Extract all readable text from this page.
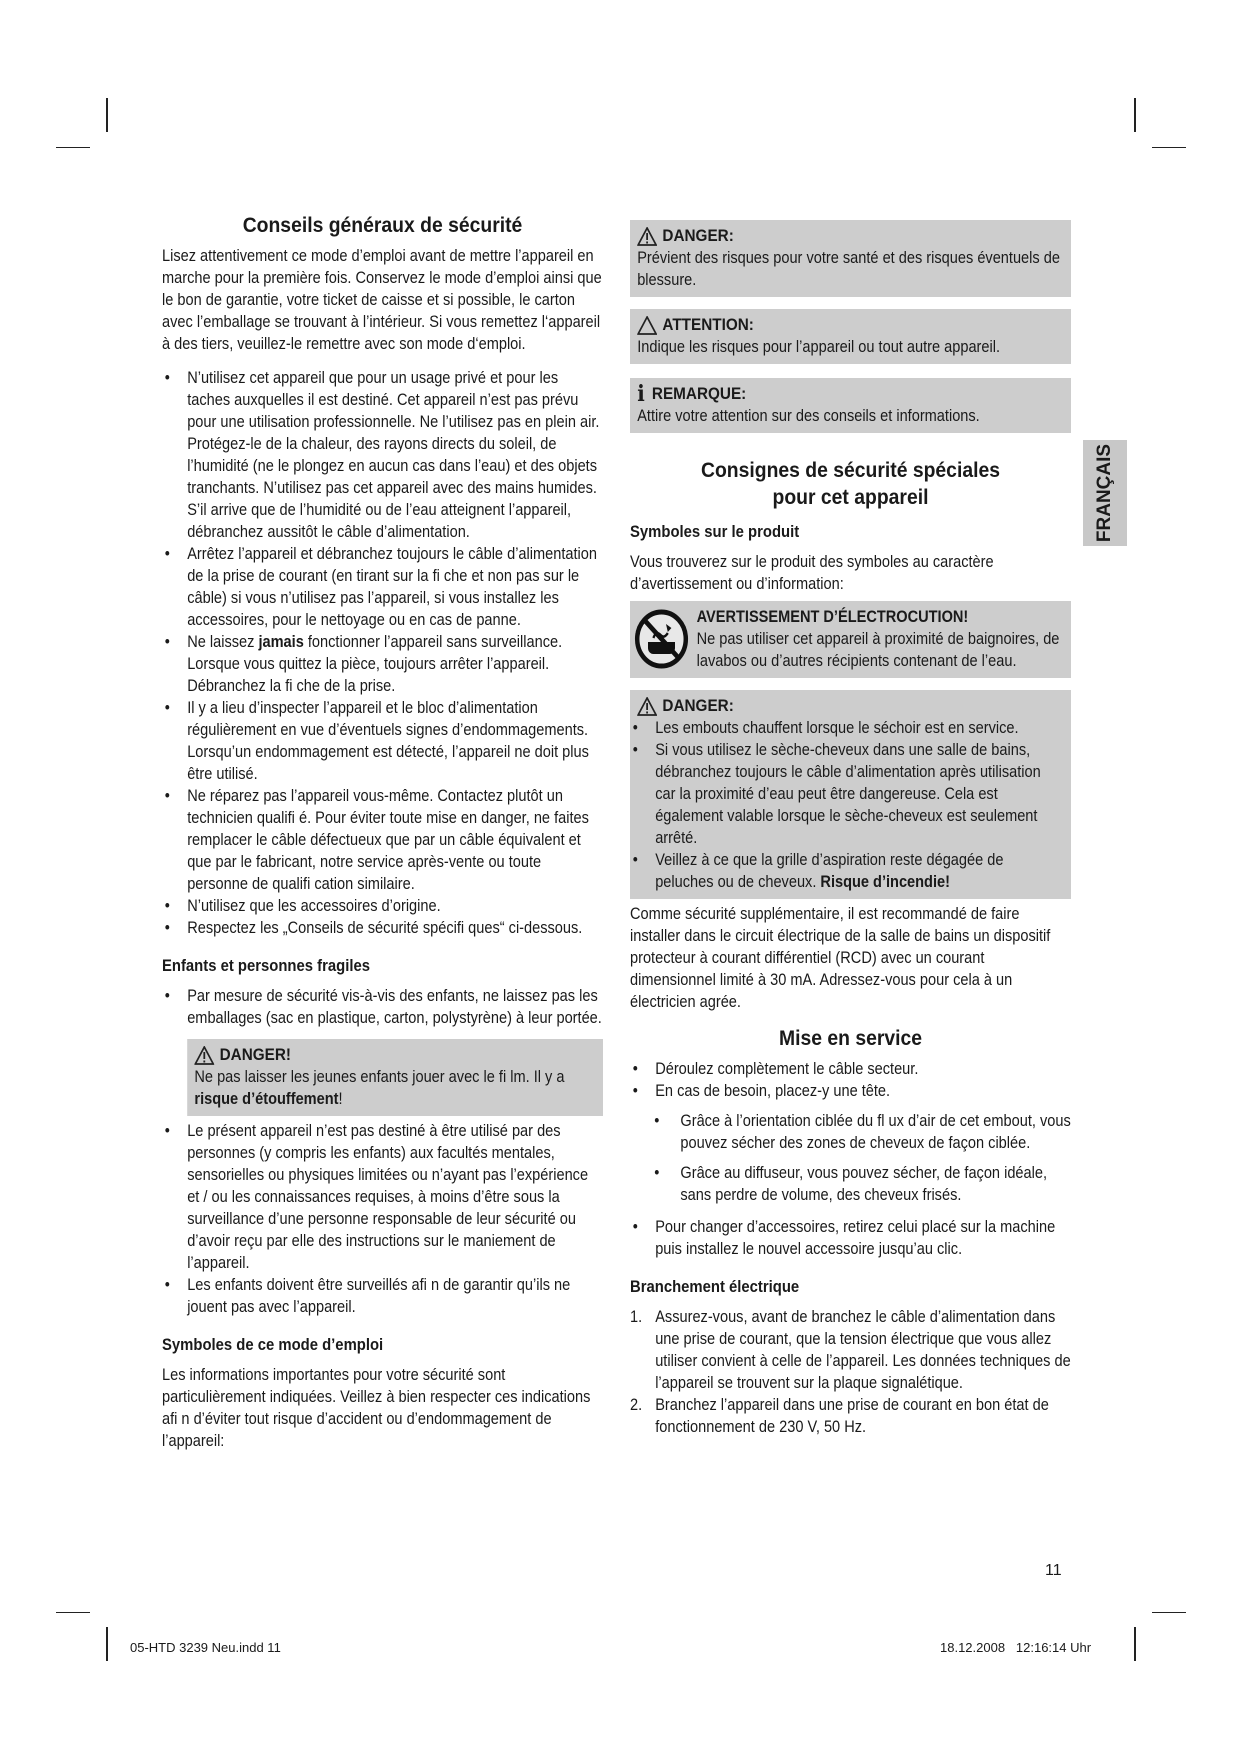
Conseils généraux de sécurité

Lisez attentivement ce mode d’emploi avant de mettre l’appareil en marche pour la première fois. Conservez le mode d’emploi ainsi que le bon de garantie, votre ticket de caisse et si possible, le carton avec l’emballage se trouvant à l’intérieur. Si vous remettez l‘appareil à des tiers, veuillez-le remettre avec son mode d‘emploi.

• N’utilisez cet appareil que pour un usage privé et pour les taches auxquelles il est destiné. Cet appareil n’est pas prévu pour une utilisation professionnelle. Ne l’utilisez pas en plein air. Protégez-le de la chaleur, des rayons directs du soleil, de l’humidité (ne le plongez en aucun cas dans l’eau) et des objets tranchants. N’utilisez pas cet appareil avec des mains humides. S’il arrive que de l’humidité ou de l’eau atteignent l’appareil, débranchez aussitôt le câble d’alimentation.
• Arrêtez l’appareil et débranchez toujours le câble d’alimentation de la prise de courant (en tirant sur la fi che et non pas sur le câble) si vous n’utilisez pas l’appareil, si vous installez les accessoires, pour le nettoyage ou en cas de panne.
• Ne laissez jamais fonctionner l’appareil sans surveillance. Lorsque vous quittez la pièce, toujours arrêter l’appareil. Débranchez la fi che de la prise.
• Il y a lieu d’inspecter l’appareil et le bloc d’alimentation régulièrement en vue d’éventuels signes d’endommagements. Lorsqu’un endommagement est détecté, l’appareil ne doit plus être utilisé.
• Ne réparez pas l’appareil vous-même. Contactez plutôt un technicien qualifi é. Pour éviter toute mise en danger, ne faites remplacer le câble défectueux que par un câble équivalent et que par le fabricant, notre service après-vente ou toute personne de qualifi cation similaire.
• N’utilisez que les accessoires d’origine.
• Respectez les „Conseils de sécurité spécifi ques“ ci-dessous.
Enfants et personnes fragiles
• Par mesure de sécurité vis-à-vis des enfants, ne laissez pas les emballages (sac en plastique, carton, polystyrène) à leur portée.
DANGER!
Ne pas laisser les jeunes enfants jouer avec le fi lm. Il y a risque d’étouffement!
• Le présent appareil n’est pas destiné à être utilisé par des personnes (y compris les enfants) aux facultés mentales, sensorielles ou physiques limitées ou n’ayant pas l’expérience et / ou les connaissances requises, à moins d’être sous la surveillance d’une personne responsable de leur sécurité ou d’avoir reçu par elle des instructions sur le maniement de l’appareil.
• Les enfants doivent être surveillés afi n de garantir qu’ils ne jouent pas avec l’appareil.
Symboles de ce mode d’emploi

Les informations importantes pour votre sécurité sont particulièrement indiquées. Veillez à bien respecter ces indications afi n d’éviter tout risque d’accident ou d’endommagement de l’appareil:

DANGER:
Prévient des risques pour votre santé et des risques éventuels de blessure.
ATTENTION:
Indique les risques pour l’appareil ou tout autre appareil.
i REMARQUE:
Attire votre attention sur des conseils et informations.
Consignes de sécurité spéciales
pour cet appareil
Symboles sur le produit

Vous trouverez sur le produit des symboles au caractère d’avertissement ou d’information:

AVERTISSEMENT D’ÉLECTROCUTION!
Ne pas utiliser cet appareil à proximité de baignoires, de lavabos ou d’autres récipients contenant de l’eau.
DANGER:
• Les embouts chauffent lorsque le séchoir est en service.
• Si vous utilisez le sèche-cheveux dans une salle de bains, débranchez toujours le câble d’alimentation après utilisation car la proximité d’eau peut être dangereuse. Cela est également valable lorsque le sèche-cheveux est seulement arrêté.
• Veillez à ce que la grille d’aspiration reste dégagée de peluches ou de cheveux. Risque d’incendie!

Comme sécurité supplémentaire, il est recommandé de faire installer dans le circuit électrique de la salle de bains un dispositif protecteur à courant différentiel (RCD) avec un courant dimensionnel limité à 30 mA. Adressez-vous pour cela à un électricien agrée.

Mise en service
• Déroulez complètement le câble secteur.
• En cas de besoin, placez-y une tête.
• Grâce à l’orientation ciblée du fl ux d’air de cet embout, vous pouvez sécher des zones de cheveux de façon ciblée.
• Grâce au diffuseur, vous pouvez sécher, de façon idéale, sans perdre de volume, des cheveux frisés.
• Pour changer d’accessoires, retirez celui placé sur la machine puis installez le nouvel accessoire jusqu’au clic.
Branchement électrique
1. Assurez-vous, avant de branchez le câble d’alimentation dans une prise de courant, que la tension électrique que vous allez utiliser convient à celle de l’appareil. Les données techniques de l’appareil se trouvent sur la plaque signalétique.
2. Branchez l’appareil dans une prise de courant en bon état de fonctionnement de 230 V, 50 Hz.
FRANÇAIS
11
05-HTD 3239 Neu.indd 11	18.12.2008   12:16:14 Uhr
